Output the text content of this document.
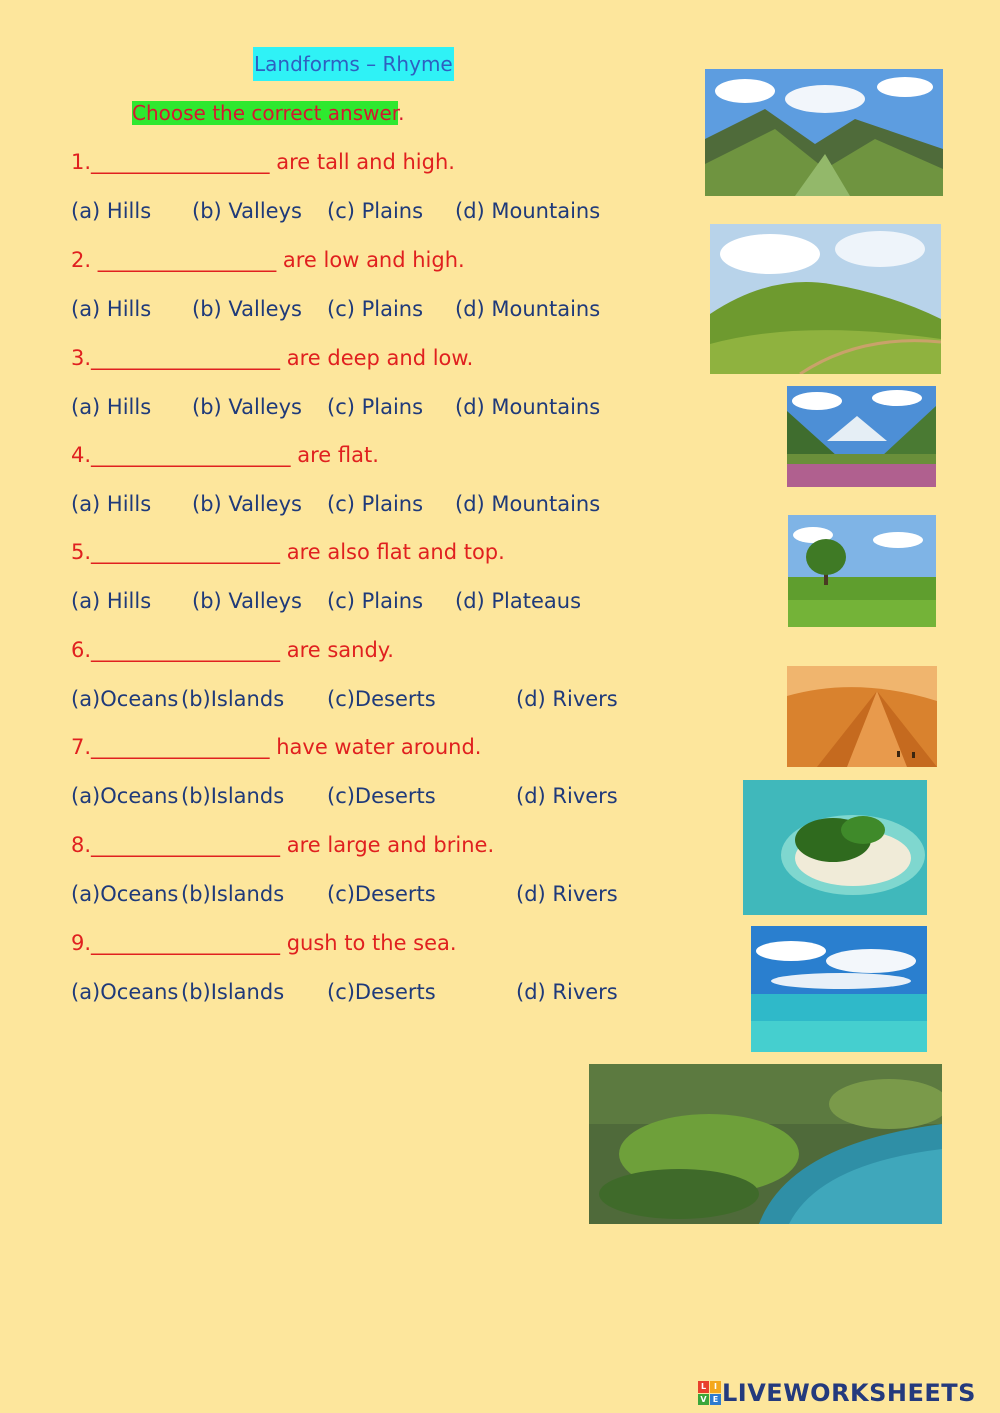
Landforms – Rhyme
Choose the correct answer.
1._________________ are tall and high.
(a) Hills (b) Valleys (c) Plains (d) Mountains
2. _________________ are low and high.
(a) Hills (b) Valleys (c) Plains (d) Mountains
3.__________________ are deep and low.
(a) Hills (b) Valleys (c) Plains (d) Mountains
4.___________________ are flat.
(a) Hills (b) Valleys (c) Plains (d) Mountains
5.__________________ are also flat and top.
(a) Hills (b) Valleys (c) Plains (d) Plateaus
6.__________________ are sandy.
(a)Oceans (b)Islands (c)Deserts	(d) Rivers
7._________________ have water around.
(a)Oceans (b)Islands (c)Deserts	(d) Rivers
8.__________________ are large and brine.
(a)Oceans (b)Islands (c)Deserts	(d) Rivers
9.__________________ gush to the sea.
(a)Oceans (b)Islands (c)Deserts	(d) Rivers
L I
V E LIVEWORKSHEETS
